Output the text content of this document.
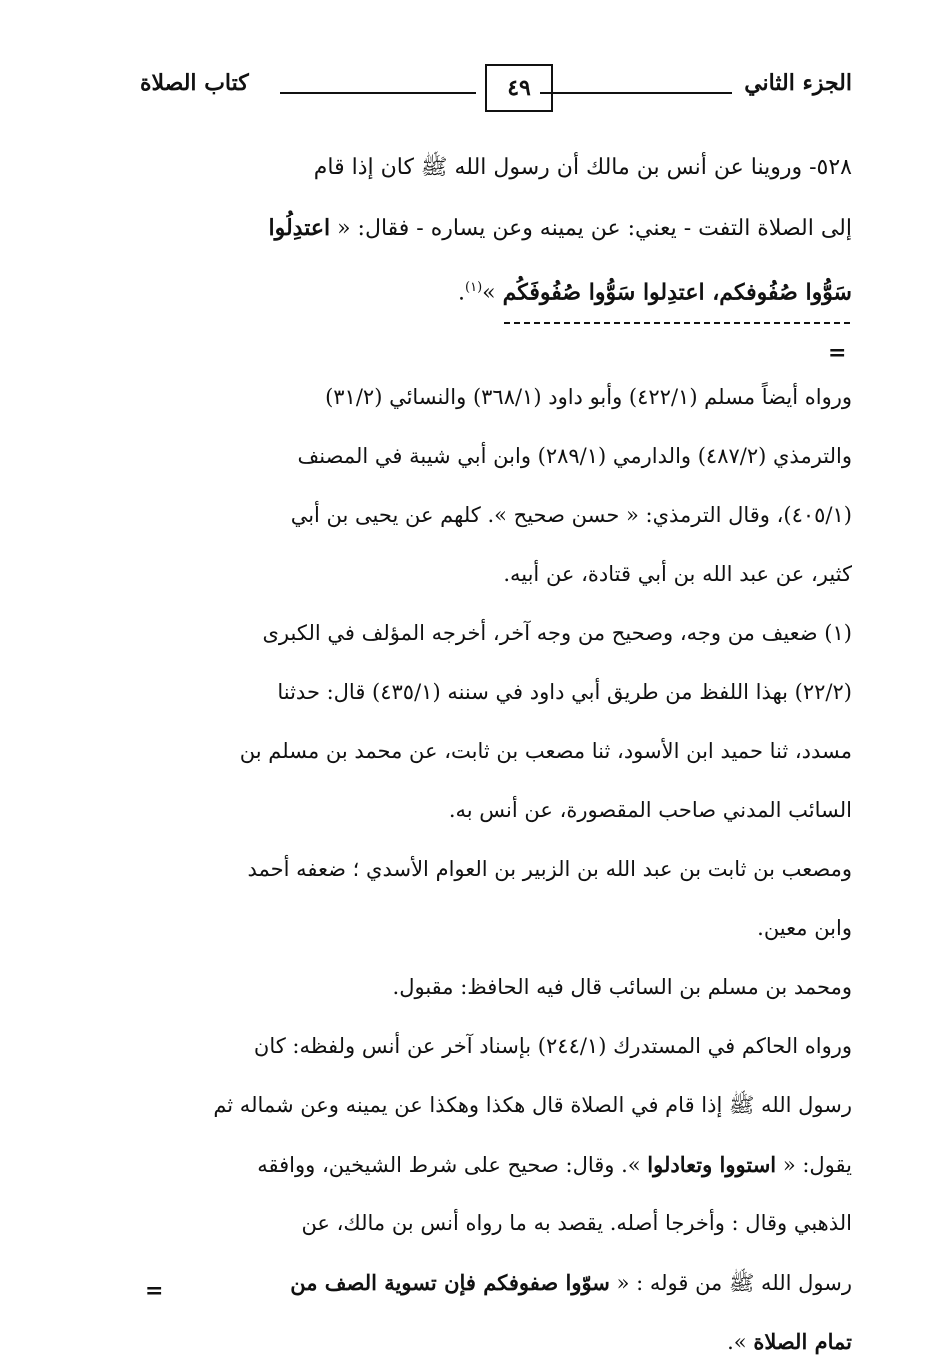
الجزء الثاني
٤٩
كتاب الصلاة
٥٢٨- وروينا عن أنس بن مالك أن رسول الله ﷺ كان إذا قام
إلى الصلاة التفت - يعني: عن يمينه وعن يساره - فقال: « اعتدِلُوا
سَوُّوا صُفُوفكم، اعتدِلوا سَوُّوا صُفُوفَكُم »$^{(١)}$.
=
ورواه أيضاً مسلم (٤٢٢/١) وأبو داود (٣٦٨/١) والنسائي (٣١/٢)
والترمذي (٤٨٧/٢) والدارمي (٢٨٩/١) وابن أبي شيبة في المصنف
(٤٠٥/١)، وقال الترمذي: « حسن صحيح ». كلهم عن يحيى بن أبي
كثير، عن عبد الله بن أبي قتادة، عن أبيه.
(١) ضعيف من وجه، وصحيح من وجه آخر، أخرجه المؤلف في الكبرى
(٢٢/٢) بهذا اللفظ من طريق أبي داود في سننه (٤٣٥/١) قال: حدثنا
مسدد، ثنا حميد ابن الأسود، ثنا مصعب بن ثابت، عن محمد بن مسلم بن
السائب المدني صاحب المقصورة، عن أنس به.
ومصعب بن ثابت بن عبد الله بن الزبير بن العوام الأسدي ؛ ضعفه أحمد
وابن معين.
ومحمد بن مسلم بن السائب قال فيه الحافظ: مقبول.
ورواه الحاكم في المستدرك (٢٤٤/١) بإسناد آخر عن أنس ولفظه: كان
رسول الله ﷺ إذا قام في الصلاة قال هكذا وهكذا عن يمينه وعن شماله ثم
يقول: « استووا وتعادلوا ». وقال: صحيح على شرط الشيخين، ووافقه
الذهبي وقال : وأخرجا أصله. يقصد به ما رواه أنس بن مالك، عن
رسول الله ﷺ من قوله : « سوّوا صفوفكم فإن تسوية الصف من
تمام الصلاة ».
=
